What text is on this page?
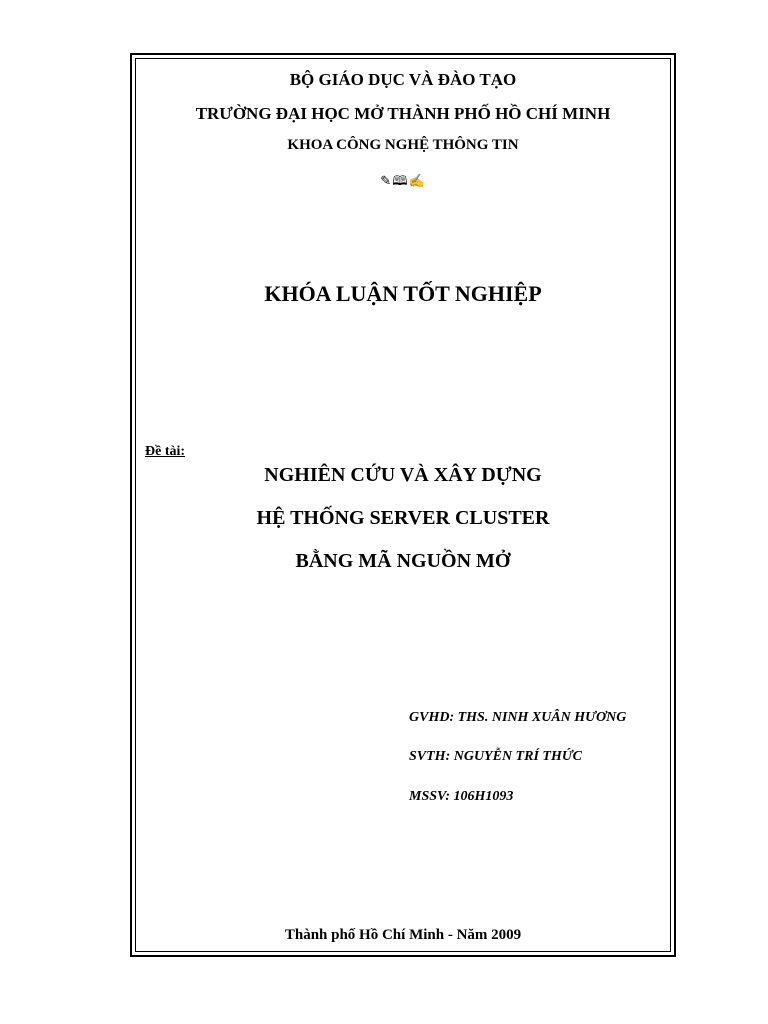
BỘ GIÁO DỤC VÀ ĐÀO TẠO
TRƯỜNG ĐẠI HỌC MỞ THÀNH PHỐ HỒ CHÍ MINH
KHOA CÔNG NGHỆ THÔNG TIN
✎🕮✍
KHÓA LUẬN TỐT NGHIỆP
Đề tài:
NGHIÊN CỨU VÀ XÂY DỰNG
HỆ THỐNG SERVER CLUSTER
BẰNG MÃ NGUỒN MỞ
GVHD: THS. NINH XUÂN HƯƠNG
SVTH: NGUYỄN TRÍ THỨC
MSSV: 106H1093
Thành phố Hồ Chí Minh - Năm 2009
